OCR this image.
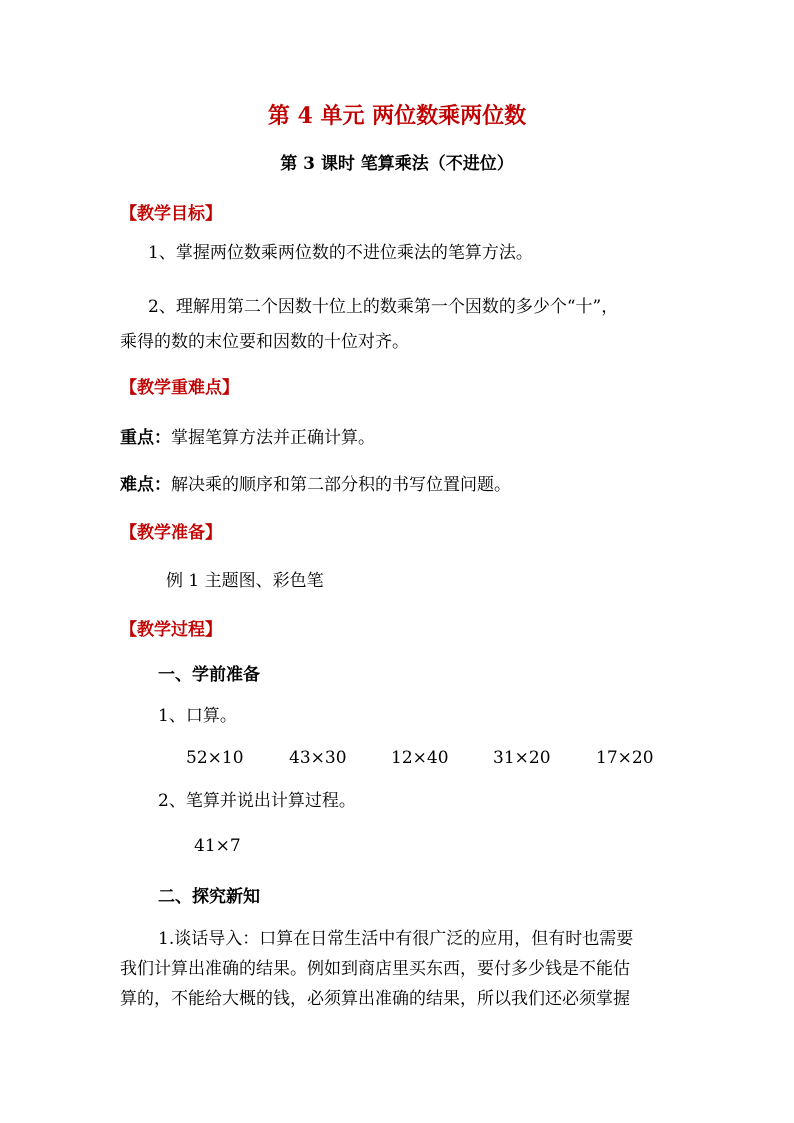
第 4 单元 两位数乘两位数
第 3 课时 笔算乘法（不进位）
【教学目标】
1、掌握两位数乘两位数的不进位乘法的笔算方法。
2、理解用第二个因数十位上的数乘第一个因数的多少个“十”，
乘得的数的末位要和因数的十位对齐。
【教学重难点】
重点：掌握笔算方法并正确计算。
难点：解决乘的顺序和第二部分积的书写位置问题。
【教学准备】
例 1 主题图、彩色笔
【教学过程】
一、学前准备
1、口算。
52×10	43×30	12×40	31×20	17×20
2、笔算并说出计算过程。
41×7
二、探究新知
1.谈话导入：口算在日常生活中有很广泛的应用，但有时也需要
我们计算出准确的结果。例如到商店里买东西，要付多少钱是不能估
算的，不能给大概的钱，必须算出准确的结果，所以我们还必须掌握
